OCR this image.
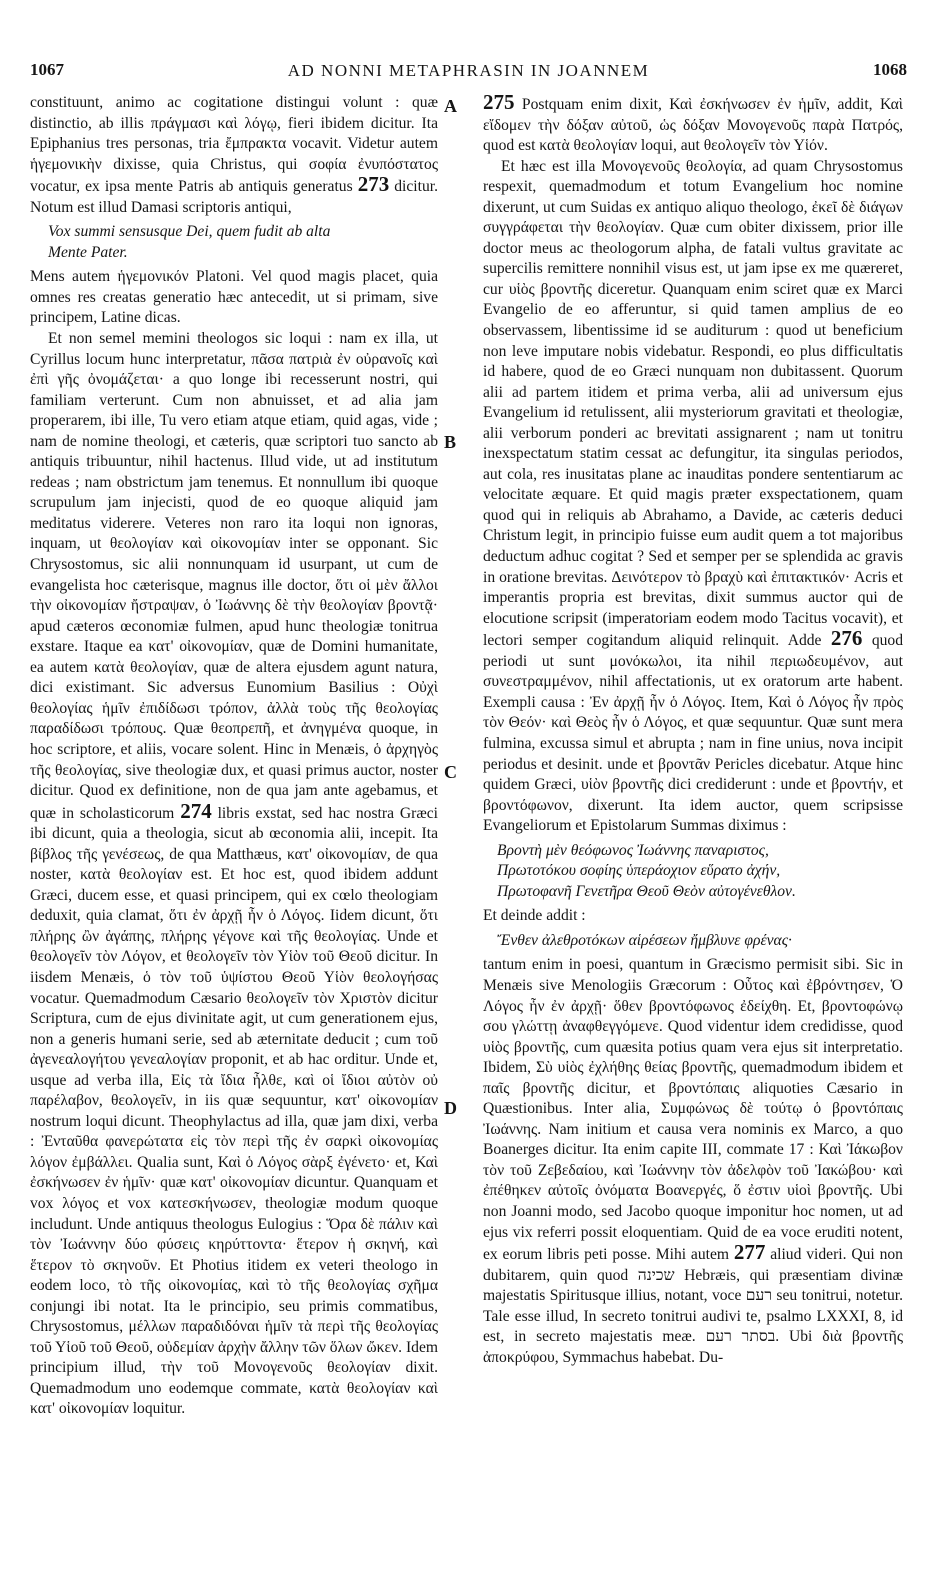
1067	AD NONNI METAPHRASIN IN JOANNEM	1068
A
B
C
D

constituunt, animo ac cogitatione distingui volunt : quæ distinctio, ab illis πράγμασι καὶ λόγῳ, fieri ibidem dicitur. Ita Epiphanius tres personas, tria ἔμπρακτα vocavit. Videtur autem ἡγεμονικὴν dixisse, quia Christus, qui σοφία ἐνυπόστατος vocatur, ex ipsa mente Patris ab antiquis generatus 273 dicitur. Notum est illud Damasi scriptoris antiqui,

Vox summi sensusque Dei, quem fudit ab alta
Mente Pater.

Mens autem ἡγεμονικόν Platoni. Vel quod magis placet, quia omnes res creatas generatio hæc antecedit, ut si primam, sive principem, Latine dicas.

Et non semel memini theologos sic loqui : nam ex illa, ut Cyrillus locum hunc interpretatur, πᾶσα πατριὰ ἐν οὐρανοῖς καὶ ἐπὶ γῆς ὀνομάζεται· a quo longe ibi recesserunt nostri, qui familiam verterunt. Cum non abnuisset, et ad alia jam properarem, ibi ille, Tu vero etiam atque etiam, quid agas, vide ; nam de nomine theologi, et cæteris, quæ scriptori tuo sancto ab antiquis tribuuntur, nihil hactenus. Illud vide, ut ad institutum redeas ; nam obstrictum jam tenemus. Et nonnullum ibi quoque scrupulum jam injecisti, quod de eo quoque aliquid jam meditatus viderere. Veteres non raro ita loqui non ignoras, inquam, ut θεολογίαν καὶ οἰκονομίαν inter se opponant. Sic Chrysostomus, sic alii nonnunquam id usurpant, ut cum de evangelista hoc cæterisque, magnus ille doctor, ὅτι οἱ μὲν ἄλλοι τὴν οἰκονομίαν ἤστραψαν, ὁ Ἰωάννης δὲ τὴν θεολογίαν βροντᾷ· apud cæteros œconomiæ fulmen, apud hunc theologiæ tonitrua exstare. Itaque ea κατ' οἰκονομίαν, quæ de Domini humanitate, ea autem κατὰ θεολογίαν, quæ de altera ejusdem agunt natura, dici existimant. Sic adversus Eunomium Basilius : Οὐχὶ θεολογίας ἡμῖν ἐπιδίδωσι τρόπον, ἀλλὰ τοὺς τῆς θεολογίας παραδίδωσι τρόπους. Quæ θεοπρεπῆ, et ἀνηγμένα quoque, in hoc scriptore, et aliis, vocare solent. Hinc in Menæis, ὁ ἀρχηγὸς τῆς θεολογίας, sive theologiæ dux, et quasi primus auctor, noster dicitur. Quod ex definitione, non de qua jam ante agebamus, et quæ in scholasticorum 274 libris exstat, sed hac nostra Græci ibi dicunt, quia a theologia, sicut ab œconomia alii, incepit. Ita βίβλος τῆς γενέσεως, de qua Matthæus, κατ' οἰκονομίαν, de qua noster, κατὰ θεολογίαν est. Et hoc est, quod ibidem addunt Græci, ducem esse, et quasi principem, qui ex cœlo theologiam deduxit, quia clamat, ὅτι ἐν ἀρχῇ ἦν ὁ Λόγος. Iidem dicunt, ὅτι πλήρης ὢν ἀγάπης, πλήρης γέγονε καὶ τῆς θεολογίας. Unde et θεολογεῖν τὸν Λόγον, et θεολογεῖν τὸν Υἱὸν τοῦ Θεοῦ dicitur. In iisdem Menæis, ὁ τὸν τοῦ ὑψίστου Θεοῦ Υἱὸν θεολογήσας vocatur. Quemadmodum Cæsario θεολογεῖν τὸν Χριστὸν dicitur Scriptura, cum de ejus divinitate agit, ut cum generationem ejus, non a generis humani serie, sed ab æternitate deducit ; cum τοῦ ἀγενεαλογήτου γενεαλογίαν proponit, et ab hac orditur. Unde et, usque ad verba illa, Εἰς τὰ ἴδια ἦλθε, καὶ οἱ ἴδιοι αὐτὸν οὐ παρέλαβον, θεολογεῖν, in iis quæ sequuntur, κατ' οἰκονομίαν nostrum loqui dicunt. Theophylactus ad illa, quæ jam dixi, verba : Ἐνταῦθα φανερώτατα εἰς τὸν περὶ τῆς ἐν σαρκὶ οἰκονομίας λόγον ἐμβάλλει. Qualia sunt, Καὶ ὁ Λόγος σὰρξ ἐγένετο· et, Καὶ ἐσκήνωσεν ἐν ἡμῖν· quæ κατ' οἰκονομίαν dicuntur. Quanquam et vox λόγος et vox κατεσκήνωσεν, theologiæ modum quoque includunt. Unde antiquus theologus Eulogius : Ὅρα δὲ πάλιν καὶ τὸν Ἰωάννην δύο φύσεις κηρύττοντα· ἕτερον ἡ σκηνή, καὶ ἕτερον τὸ σκηνοῦν. Et Photius itidem ex veteri theologo in eodem loco, τὸ τῆς οἰκονομίας, καὶ τὸ τῆς θεολογίας σχῆμα conjungi ibi notat. Ita le principio, seu primis commatibus, Chrysostomus, μέλλων παραδιδόναι ἡμῖν τὰ περὶ τῆς θεολογίας τοῦ Υἱοῦ τοῦ Θεοῦ, οὐδεμίαν ἀρχὴν ἄλλην τῶν ὅλων ὤκεν. Idem principium illud, τὴν τοῦ Μονογενοῦς θεολογίαν dixit. Quemadmodum uno eodemque commate, κατὰ θεολογίαν καὶ κατ' οἰκονομίαν loquitur.

275 Postquam enim dixit, Καὶ ἐσκήνωσεν ἐν ἡμῖν, addit, Καὶ εἴδομεν τὴν δόξαν αὐτοῦ, ὡς δόξαν Μονογενοῦς παρὰ Πατρός, quod est κατὰ θεολογίαν loqui, aut θεολογεῖν τὸν Υἱόν.

Et hæc est illa Μονογενοῦς θεολογία, ad quam Chrysostomus respexit, quemadmodum et totum Evangelium hoc nomine dixerunt, ut cum Suidas ex antiquo aliquo theologo, ἐκεῖ δὲ διάγων συγγράφεται τὴν θεολογίαν. Quæ cum obiter dixissem, prior ille doctor meus ac theologorum alpha, de fatali vultus gravitate ac supercilis remittere nonnihil visus est, ut jam ipse ex me quæreret, cur υἱὸς βροντῆς diceretur. Quanquam enim sciret quæ ex Marci Evangelio de eo afferuntur, si quid tamen amplius de eo observassem, libentissime id se auditurum : quod ut beneficium non leve imputare nobis videbatur. Respondi, eo plus difficultatis id habere, quod de eo Græci nunquam non dubitassent. Quorum alii ad partem itidem et prima verba, alii ad universum ejus Evangelium id retulissent, alii mysteriorum gravitati et theologiæ, alii verborum ponderi ac brevitati assignarent ; nam ut tonitru inexspectatum statim cessat ac defungitur, ita singulas periodos, aut cola, res inusitatas plane ac inauditas pondere sententiarum ac velocitate æquare. Et quid magis præter exspectationem, quam quod qui in reliquis ab Abrahamo, a Davide, ac cæteris deduci Christum legit, in principio fuisse eum audit quem a tot majoribus deductum adhuc cogitat ? Sed et semper per se splendida ac gravis in oratione brevitas. Δεινότερον τὸ βραχὺ καὶ ἐπιτακτικόν· Acris et imperantis propria est brevitas, dixit summus auctor qui de elocutione scripsit (imperatoriam eodem modo Tacitus vocavit), et lectori semper cogitandum aliquid relinquit. Adde 276 quod periodi ut sunt μονόκωλοι, ita nihil περιωδευμένον, aut συνεστραμμένον, nihil affectationis, ut ex oratorum arte habent. Exempli causa : Ἐν ἀρχῇ ἦν ὁ Λόγος. Item, Καὶ ὁ Λόγος ἦν πρὸς τὸν Θεόν· καὶ Θεὸς ἦν ὁ Λόγος, et quæ sequuntur. Quæ sunt mera fulmina, excussa simul et abrupta ; nam in fine unius, nova incipit periodus et desinit. unde et βροντᾶν Pericles dicebatur. Atque hinc quidem Græci, υἱὸν βροντῆς dici crediderunt : unde et βροντήν, et βροντόφωνον, dixerunt. Ita idem auctor, quem scripsisse Evangeliorum et Epistolarum Summas diximus :

Βροντὴ μὲν θεόφωνος Ἰωάννης παναριστος,
Πρωτοτόκου σοφίης ὑπεράοχιον εὕρατο ἀχήν,
Πρωτοφανῆ Γενετῆρα Θεοῦ Θεὸν αὐτογένεθλον.

Et deinde addit :

Ἔνθεν ἀλεθροτόκων αἱρέσεων ἤμβλυνε φρένας·

tantum enim in poesi, quantum in Græcismo permisit sibi. Sic in Menæis sive Menologiis Græcorum : Οὗτος καὶ ἐβρόντησεν, Ὁ Λόγος ἦν ἐν ἀρχῇ· ὅθεν βροντόφωνος ἐδείχθη. Et, βροντοφώνῳ σου γλώττῃ ἀναφθεγγόμενε. Quod videntur idem credidisse, quod υἱὸς βροντῆς, cum quæsita potius quam vera ejus sit interpretatio. Ibidem, Σὺ υἱὸς ἐχλήθης θείας βροντῆς, quemadmodum ibidem et παῖς βροντῆς dicitur, et βροντόπαις aliquoties Cæsario in Quæstionibus. Inter alia, Συμφώνως δὲ τούτῳ ὁ βροντόπαις Ἰωάννης. Nam initium et causa vera nominis ex Marco, a quo Boanerges dicitur. Ita enim capite III, commate 17 : Καὶ Ἰάκωβον τὸν τοῦ Ζεβεδαίου, καὶ Ἰωάννην τὸν ἀδελφὸν τοῦ Ἰακώβου· καὶ ἐπέθηκεν αὐτοῖς ὀνόματα Βοανεργές, ὅ ἐστιν υἱοὶ βροντῆς. Ubi non Joanni modo, sed Jacobo quoque imponitur hoc nomen, ut ad ejus vix referri possit eloquentiam. Quid de ea voce eruditi notent, ex eorum libris peti posse. Mihi autem 277 aliud videri. Qui non dubitarem, quin quod שכינה Hebræis, qui præsentiam divinæ majestatis Spiritusque illius, notant, voce רעם seu tonitrui, notetur. Tale esse illud, In secreto tonitrui audivi te, psalmo LXXXI, 8, id est, in secreto majestatis meæ. בסתר רעם. Ubi διὰ βροντῆς ἀποκρύφου, Symmachus habebat. Du-
